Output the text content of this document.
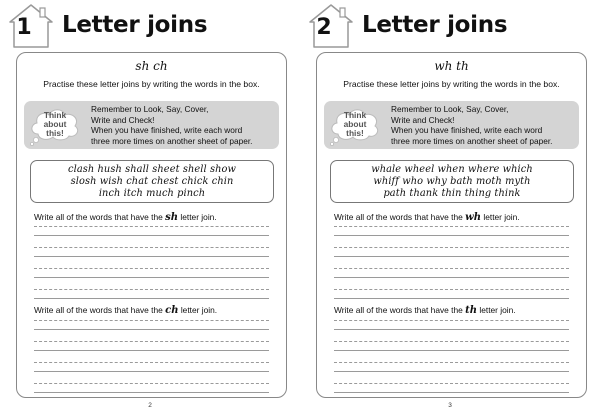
1	Letter joins
sh ch
Practise these letter joins by writing the words in the box.
Think
about
this!
Remember to Look, Say, Cover,
Write and Check!
When you have finished, write each word
three more times on another sheet of paper.
clash hush shall sheet shell show
slosh wish chat chest chick chin
inch itch much pinch
Write all of the words that have the sh letter join.
Write all of the words that have the ch letter join.
2
2	Letter joins
wh th
Practise these letter joins by writing the words in the box.
Think
about
this!
Remember to Look, Say, Cover,
Write and Check!
When you have finished, write each word
three more times on another sheet of paper.
whale wheel when where which
whiff who why bath moth myth
path thank thin thing think
Write all of the words that have the wh letter join.
Write all of the words that have the th letter join.
3
